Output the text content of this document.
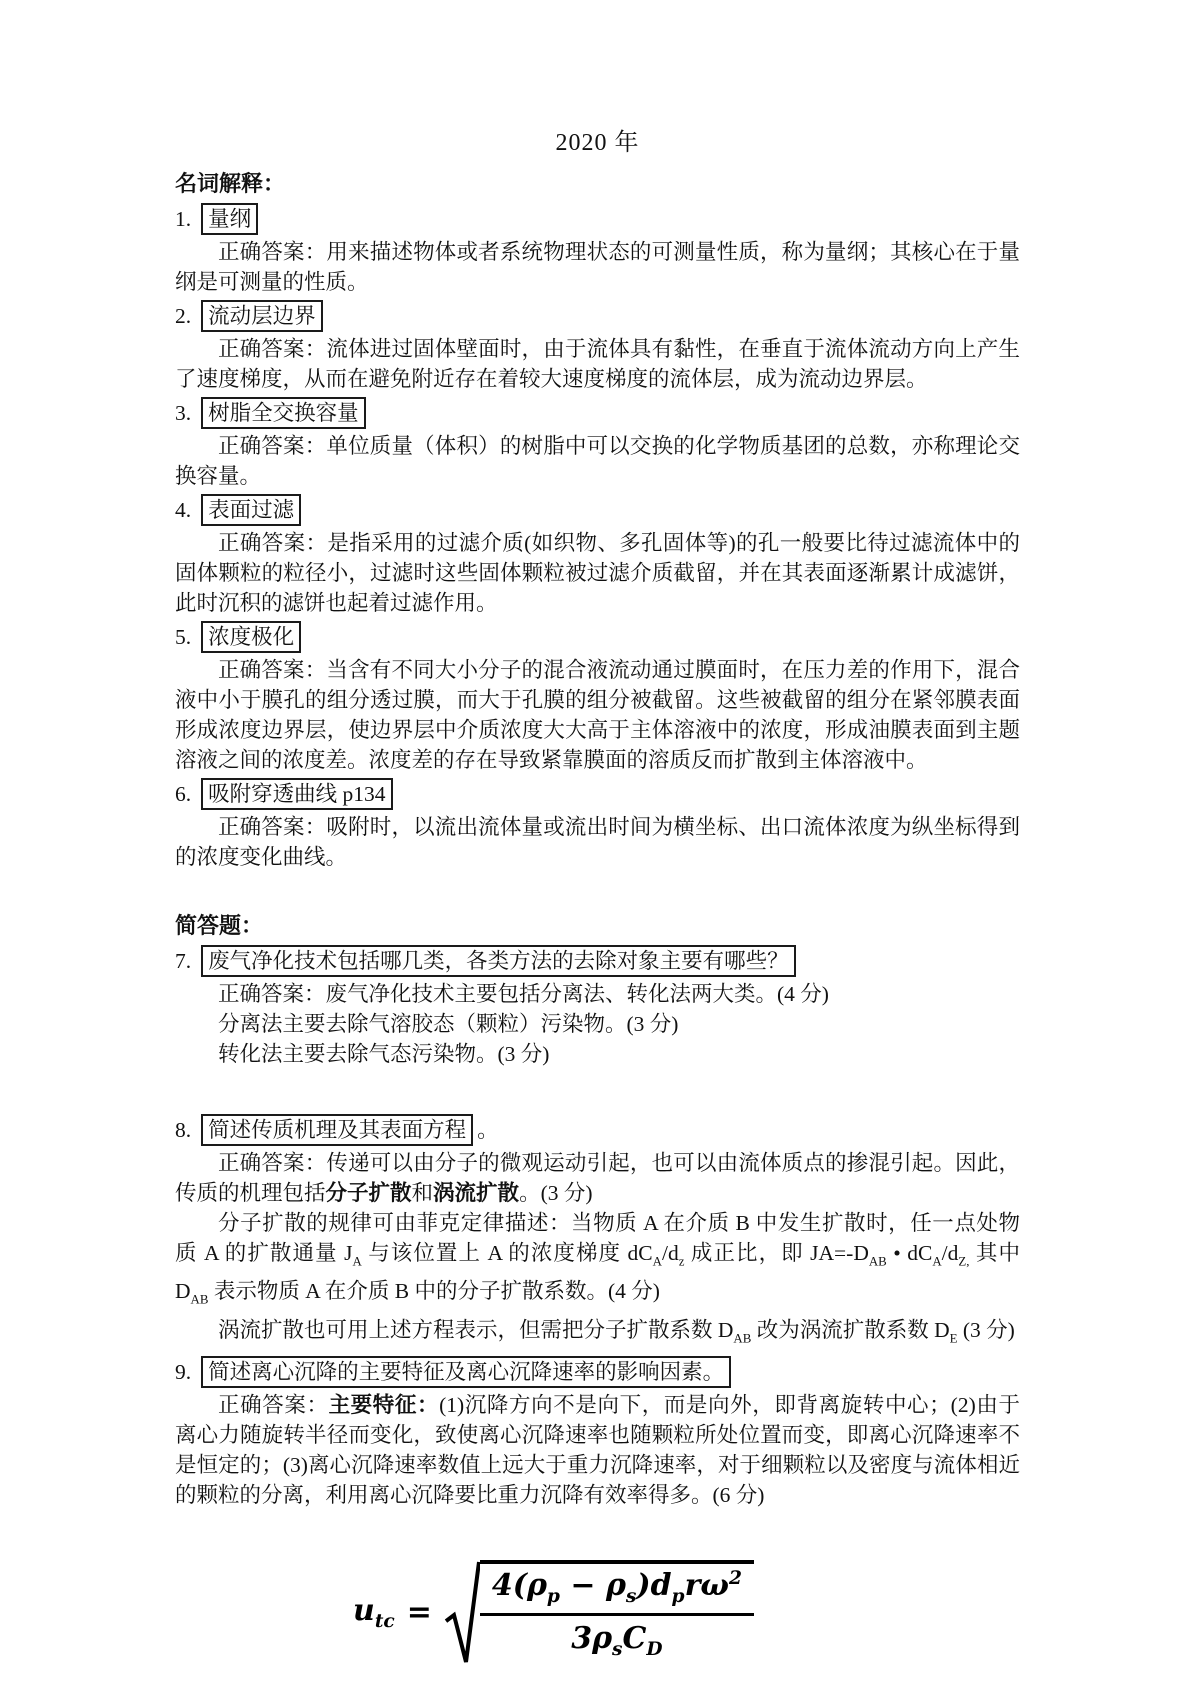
2020 年
名词解释：
1. 量纲

正确答案：用来描述物体或者系统物理状态的可测量性质，称为量纲；其核心在于量纲是可测量的性质。

2. 流动层边界

正确答案：流体进过固体壁面时，由于流体具有黏性，在垂直于流体流动方向上产生了速度梯度，从而在避免附近存在着较大速度梯度的流体层，成为流动边界层。

3. 树脂全交换容量

正确答案：单位质量（体积）的树脂中可以交换的化学物质基团的总数，亦称理论交换容量。

4. 表面过滤

正确答案：是指采用的过滤介质(如织物、多孔固体等)的孔一般要比待过滤流体中的固体颗粒的粒径小，过滤时这些固体颗粒被过滤介质截留，并在其表面逐渐累计成滤饼，此时沉积的滤饼也起着过滤作用。

5. 浓度极化

正确答案：当含有不同大小分子的混合液流动通过膜面时，在压力差的作用下，混合液中小于膜孔的组分透过膜，而大于孔膜的组分被截留。这些被截留的组分在紧邻膜表面形成浓度边界层，使边界层中介质浓度大大高于主体溶液中的浓度，形成油膜表面到主题溶液之间的浓度差。浓度差的存在导致紧靠膜面的溶质反而扩散到主体溶液中。

6. 吸附穿透曲线 p134

正确答案：吸附时，以流出流体量或流出时间为横坐标、出口流体浓度为纵坐标得到的浓度变化曲线。

简答题：
7. 废气净化技术包括哪几类，各类方法的去除对象主要有哪些？

正确答案：废气净化技术主要包括分离法、转化法两大类。(4 分)

分离法主要去除气溶胶态（颗粒）污染物。(3 分)

转化法主要去除气态污染物。(3 分)

8. 简述传质机理及其表面方程 。

正确答案：传递可以由分子的微观运动引起，也可以由流体质点的掺混引起。因此，传质的机理包括分子扩散和涡流扩散。(3 分)

分子扩散的规律可由菲克定律描述：当物质 A 在介质 B 中发生扩散时，任一点处物质 A 的扩散通量 $J_A$ 与该位置上 A 的浓度梯度 $dC_A/d_z$ 成正比，即 $JA=-D_{AB}$ • $dC_A/d_{Z,}$ 其中 $D_{AB}$ 表示物质 A 在介质 B 中的分子扩散系数。(4 分)

涡流扩散也可用上述方程表示，但需把分子扩散系数 $D_{AB}$ 改为涡流扩散系数 $D_E$ (3 分)

9. 简述离心沉降的主要特征及离心沉降速率的影响因素。

正确答案：主要特征：(1)沉降方向不是向下，而是向外，即背离旋转中心；(2)由于离心力随旋转半径而变化，致使离心沉降速率也随颗粒所处位置而变，即离心沉降速率不是恒定的；(3)离心沉降速率数值上远大于重力沉降速率，对于细颗粒以及密度与流体相近的颗粒的分离，利用离心沉降要比重力沉降有效率得多。(6 分)

$u_{tc} = \frac{4(\rho_p - \rho_s)d_pr\omega^2}{3\rho_sC_D}$
